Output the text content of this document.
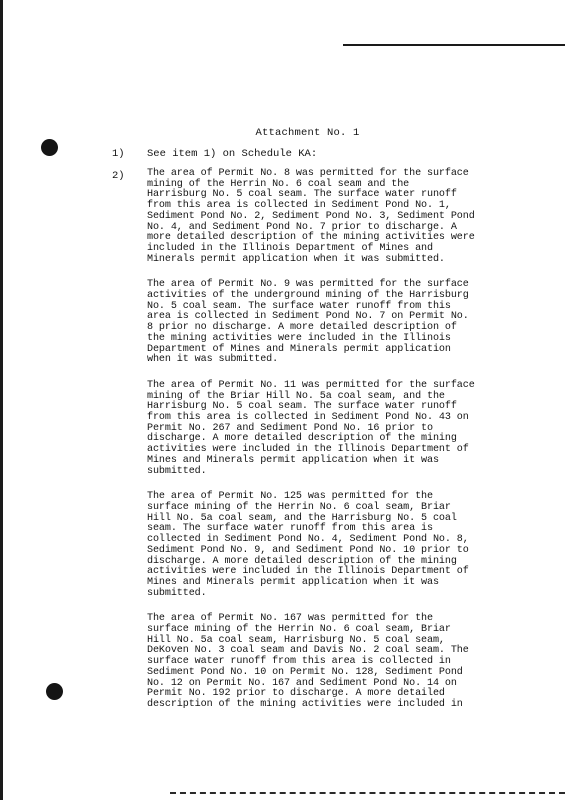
Attachment No. 1
1) See item 1) on Schedule KA:
2) The area of Permit No. 8 was permitted for the surface
mining of the Herrin No. 6 coal seam and the
Harrisburg No. 5 coal seam. The surface water runoff
from this area is collected in Sediment Pond No. 1,
Sediment Pond No. 2, Sediment Pond No. 3, Sediment Pond
No. 4, and Sediment Pond No. 7 prior to discharge. A
more detailed description of the mining activities were
included in the Illinois Department of Mines and
Minerals permit application when it was submitted.

The area of Permit No. 9 was permitted for the surface
activities of the underground mining of the Harrisburg
No. 5 coal seam. The surface water runoff from this
area is collected in Sediment Pond No. 7 on Permit No.
8 prior no discharge. A more detailed description of
the mining activities were included in the Illinois
Department of Mines and Minerals permit application
when it was submitted.

The area of Permit No. 11 was permitted for the surface
mining of the Briar Hill No. 5a coal seam, and the
Harrisburg No. 5 coal seam. The surface water runoff
from this area is collected in Sediment Pond No. 43 on
Permit No. 267 and Sediment Pond No. 16 prior to
discharge. A more detailed description of the mining
activities were included in the Illinois Department of
Mines and Minerals permit application when it was
submitted.

The area of Permit No. 125 was permitted for the
surface mining of the Herrin No. 6 coal seam, Briar
Hill No. 5a coal seam, and the Harrisburg No. 5 coal
seam. The surface water runoff from this area is
collected in Sediment Pond No. 4, Sediment Pond No. 8,
Sediment Pond No. 9, and Sediment Pond No. 10 prior to
discharge. A more detailed description of the mining
activities were included in the Illinois Department of
Mines and Minerals permit application when it was
submitted.

The area of Permit No. 167 was permitted for the
surface mining of the Herrin No. 6 coal seam, Briar
Hill No. 5a coal seam, Harrisburg No. 5 coal seam,
DeKoven No. 3 coal seam and Davis No. 2 coal seam. The
surface water runoff from this area is collected in
Sediment Pond No. 10 on Permit No. 128, Sediment Pond
No. 12 on Permit No. 167 and Sediment Pond No. 14 on
Permit No. 192 prior to discharge. A more detailed
description of the mining activities were included in
